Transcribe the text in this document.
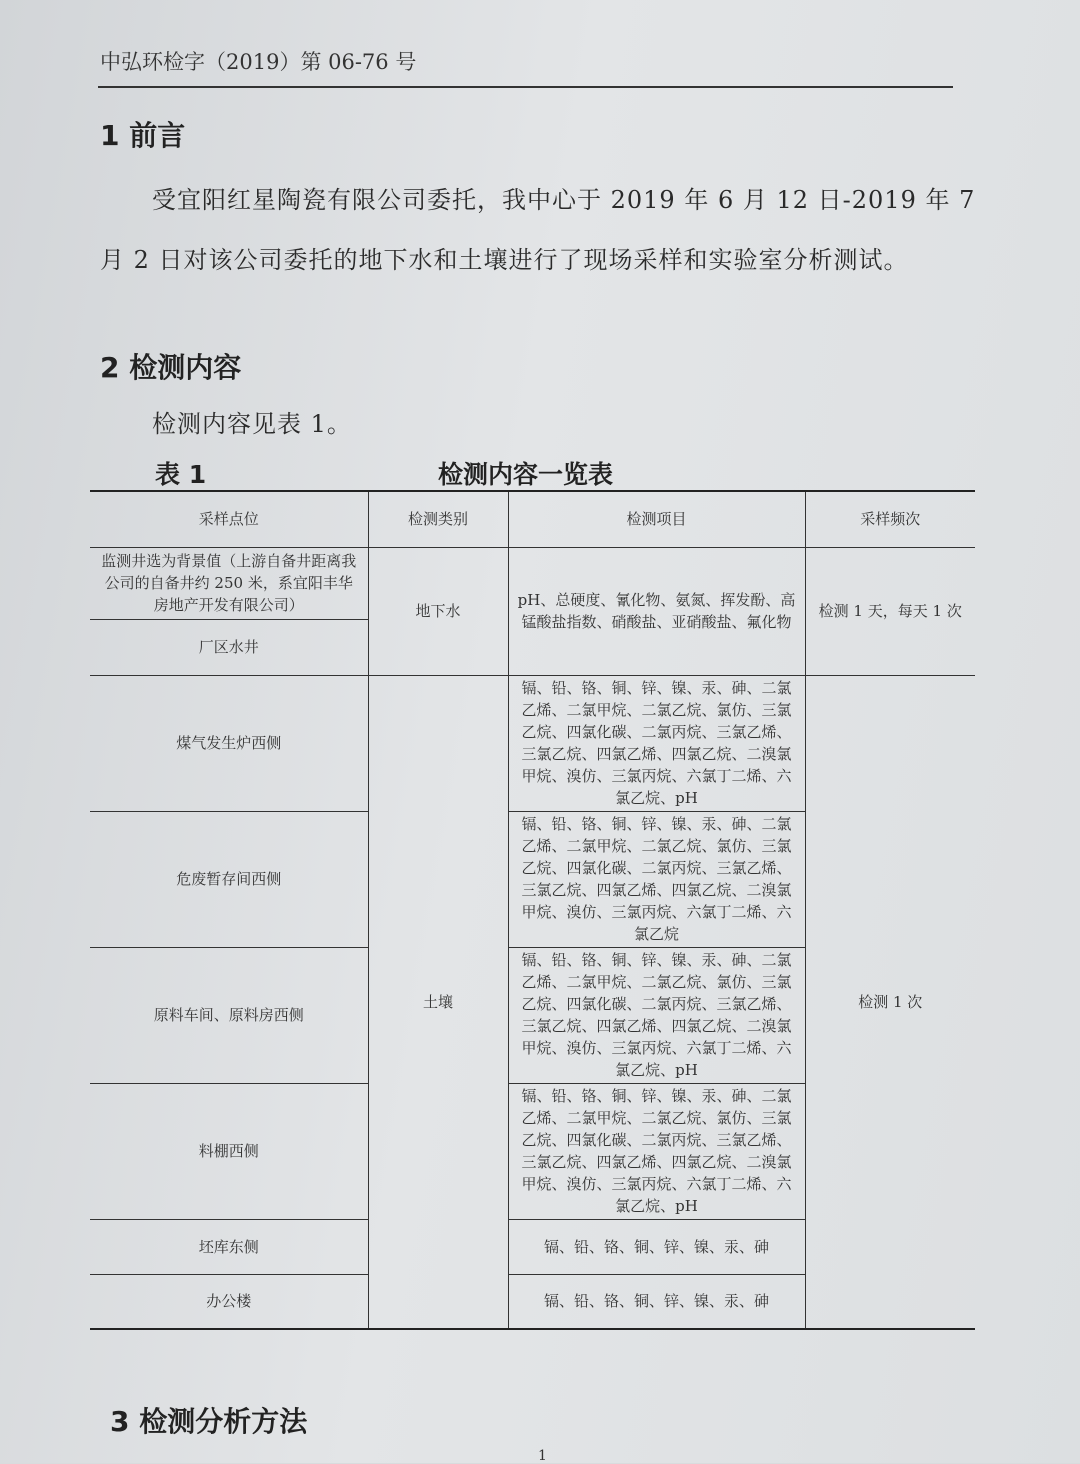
中弘环检字（2019）第 06-76 号
1 前言
受宜阳红星陶瓷有限公司委托，我中心于 2019 年 6 月 12 日-2019 年 7
月 2 日对该公司委托的地下水和土壤进行了现场采样和实验室分析测试。
2 检测内容
检测内容见表 1。
表 1	检测内容一览表
采样点位	检测类别	检测项目	采样频次
监测井选为背景值（上游自备井距离我公司的自备井约 250 米，系宜阳丰华房地产开发有限公司）	地下水	pH、总硬度、氰化物、氨氮、挥发酚、高锰酸盐指数、硝酸盐、亚硝酸盐、氟化物	检测 1 天，每天 1 次
厂区水井			
煤气发生炉西侧	土壤	镉、铅、铬、铜、锌、镍、汞、砷、二氯乙烯、二氯甲烷、二氯乙烷、氯仿、三氯乙烷、四氯化碳、二氯丙烷、三氯乙烯、三氯乙烷、四氯乙烯、四氯乙烷、二溴氯甲烷、溴仿、三氯丙烷、六氯丁二烯、六氯乙烷、pH	检测 1 次
危废暂存间西侧		镉、铅、铬、铜、锌、镍、汞、砷、二氯乙烯、二氯甲烷、二氯乙烷、氯仿、三氯乙烷、四氯化碳、二氯丙烷、三氯乙烯、三氯乙烷、四氯乙烯、四氯乙烷、二溴氯甲烷、溴仿、三氯丙烷、六氯丁二烯、六氯乙烷	
原料车间、原料房西侧		镉、铅、铬、铜、锌、镍、汞、砷、二氯乙烯、二氯甲烷、二氯乙烷、氯仿、三氯乙烷、四氯化碳、二氯丙烷、三氯乙烯、三氯乙烷、四氯乙烯、四氯乙烷、二溴氯甲烷、溴仿、三氯丙烷、六氯丁二烯、六氯乙烷、pH	
料棚西侧		镉、铅、铬、铜、锌、镍、汞、砷、二氯乙烯、二氯甲烷、二氯乙烷、氯仿、三氯乙烷、四氯化碳、二氯丙烷、三氯乙烯、三氯乙烷、四氯乙烯、四氯乙烷、二溴氯甲烷、溴仿、三氯丙烷、六氯丁二烯、六氯乙烷、pH	
坯库东侧		镉、铅、铬、铜、锌、镍、汞、砷	
办公楼		镉、铅、铬、铜、锌、镍、汞、砷	
3 检测分析方法
1
